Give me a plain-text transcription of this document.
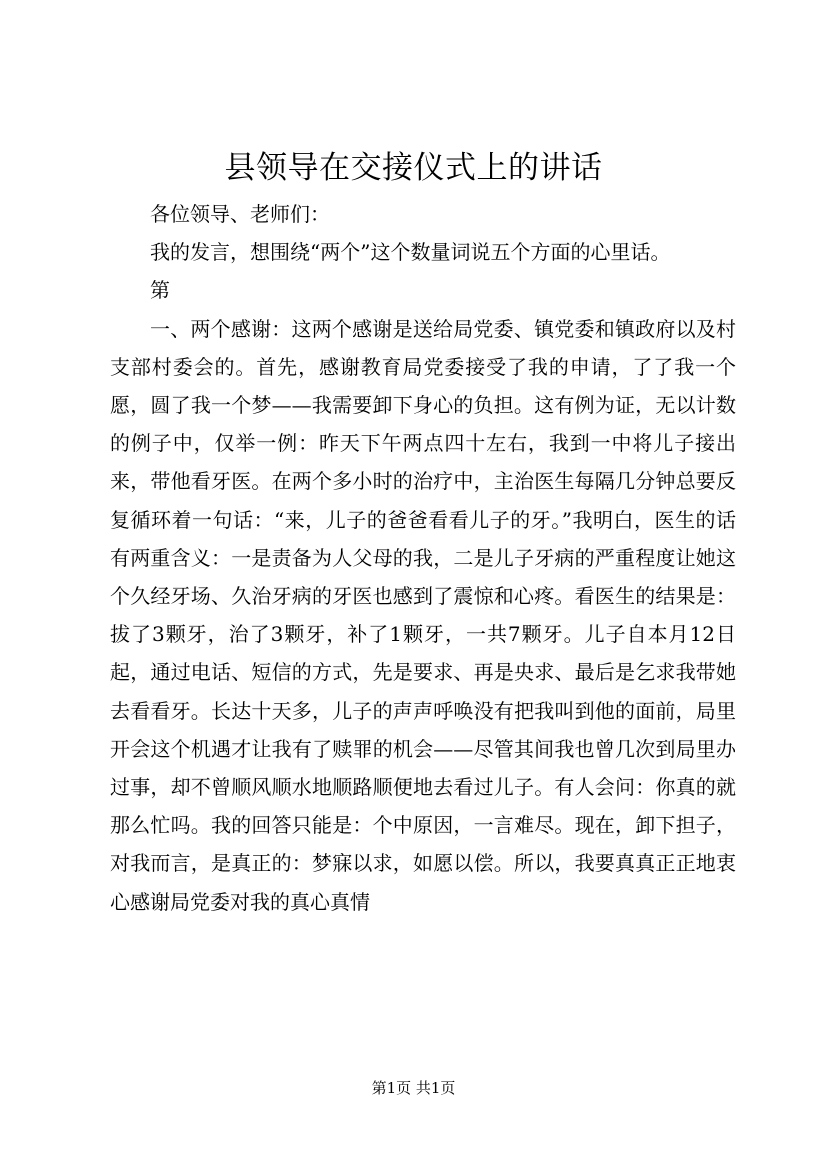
县领导在交接仪式上的讲话

各位领导、老师们：

我的发言，想围绕“两个”这个数量词说五个方面的心里话。

第

一、两个感谢：这两个感谢是送给局党委、镇党委和镇政府以及村支部村委会的。首先，感谢教育局党委接受了我的申请，了了我一个愿，圆了我一个梦——我需要卸下身心的负担。这有例为证，无以计数的例子中，仅举一例：昨天下午两点四十左右，我到一中将儿子接出来，带他看牙医。在两个多小时的治疗中，主治医生每隔几分钟总要反复循环着一句话：“来，儿子的爸爸看看儿子的牙。”我明白，医生的话有两重含义：一是责备为人父母的我，二是儿子牙病的严重程度让她这个久经牙场、久治牙病的牙医也感到了震惊和心疼。看医生的结果是：拔了3颗牙，治了3颗牙，补了1颗牙，一共7颗牙。儿子自本月12日起，通过电话、短信的方式，先是要求、再是央求、最后是乞求我带她去看看牙。长达十天多，儿子的声声呼唤没有把我叫到他的面前，局里开会这个机遇才让我有了赎罪的机会——尽管其间我也曾几次到局里办过事，却不曾顺风顺水地顺路顺便地去看过儿子。有人会问：你真的就那么忙吗。我的回答只能是：个中原因，一言难尽。现在，卸下担子，对我而言，是真正的：梦寐以求，如愿以偿。所以，我要真真正正地衷心感谢局党委对我的真心真情

第1页 共1页
